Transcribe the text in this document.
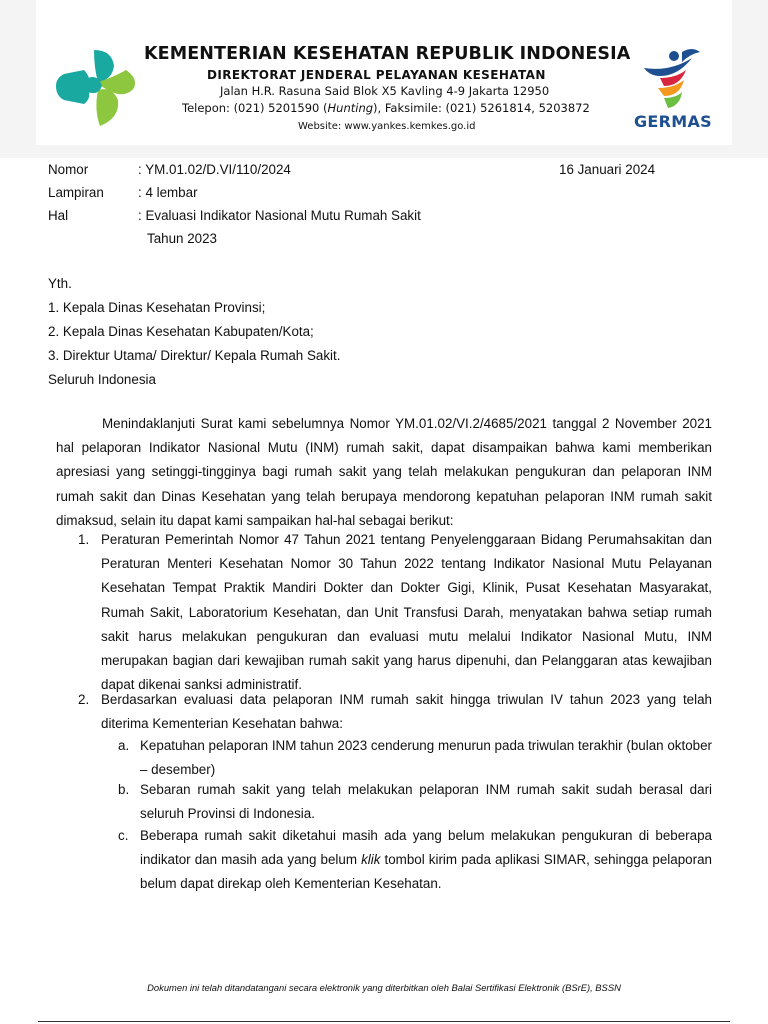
KEMENTERIAN KESEHATAN REPUBLIK INDONESIA
DIREKTORAT JENDERAL PELAYANAN KESEHATAN
Jalan H.R. Rasuna Said Blok X5 Kavling 4-9 Jakarta 12950
Telepon: (021) 5201590 (Hunting), Faksimile: (021) 5261814, 5203872
Website: www.yankes.kemkes.go.id	GERMAS
Nomor	: YM.01.02/D.VI/110/2024	16 Januari 2024
Lampiran	: 4 lembar
Hal	: Evaluasi Indikator Nasional Mutu Rumah Sakit
Tahun 2023
Yth.
1. Kepala Dinas Kesehatan Provinsi;
2. Kepala Dinas Kesehatan Kabupaten/Kota;
3. Direktur Utama/ Direktur/ Kepala Rumah Sakit.
Seluruh Indonesia
Menindaklanjuti Surat kami sebelumnya Nomor YM.01.02/VI.2/4685/2021 tanggal 2 November 2021 hal pelaporan Indikator Nasional Mutu (INM) rumah sakit, dapat disampaikan bahwa kami memberikan apresiasi yang setinggi-tingginya bagi rumah sakit yang telah melakukan pengukuran dan pelaporan INM rumah sakit dan Dinas Kesehatan yang telah berupaya mendorong kepatuhan pelaporan INM rumah sakit dimaksud, selain itu dapat kami sampaikan hal-hal sebagai berikut:
1. Peraturan Pemerintah Nomor 47 Tahun 2021 tentang Penyelenggaraan Bidang Perumahsakitan dan Peraturan Menteri Kesehatan Nomor 30 Tahun 2022 tentang Indikator Nasional Mutu Pelayanan Kesehatan Tempat Praktik Mandiri Dokter dan Dokter Gigi, Klinik, Pusat Kesehatan Masyarakat, Rumah Sakit, Laboratorium Kesehatan, dan Unit Transfusi Darah, menyatakan bahwa setiap rumah sakit harus melakukan pengukuran dan evaluasi mutu melalui Indikator Nasional Mutu, INM merupakan bagian dari kewajiban rumah sakit yang harus dipenuhi, dan Pelanggaran atas kewajiban dapat dikenai sanksi administratif.
2. Berdasarkan evaluasi data pelaporan INM rumah sakit hingga triwulan IV tahun 2023 yang telah diterima Kementerian Kesehatan bahwa:
a. Kepatuhan pelaporan INM tahun 2023 cenderung menurun pada triwulan terakhir (bulan oktober – desember)
b. Sebaran rumah sakit yang telah melakukan pelaporan INM rumah sakit sudah berasal dari seluruh Provinsi di Indonesia.
c. Beberapa rumah sakit diketahui masih ada yang belum melakukan pengukuran di beberapa indikator dan masih ada yang belum klik tombol kirim pada aplikasi SIMAR, sehingga pelaporan belum dapat direkap oleh Kementerian Kesehatan.
Dokumen ini telah ditandatangani secara elektronik yang diterbitkan oleh Balai Sertifikasi Elektronik (BSrE), BSSN
